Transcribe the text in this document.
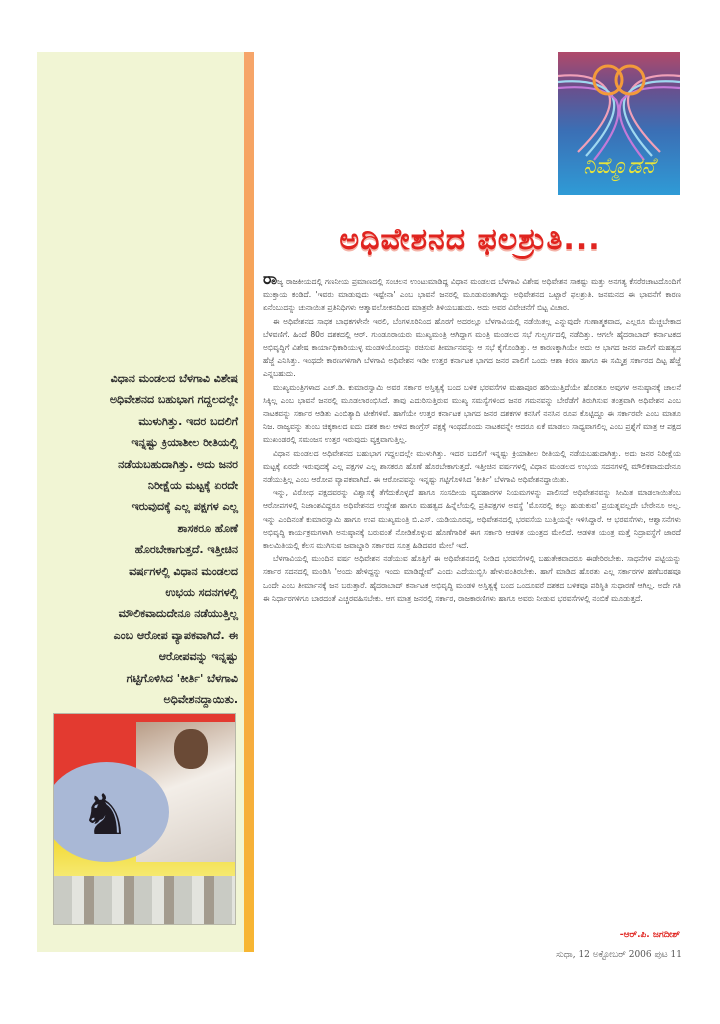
ವಿಧಾನ ಮಂಡಲದ ಬೆಳಗಾವಿ ವಿಶೇಷ
ಅಧಿವೇಶನದ ಬಹುಭಾಗ ಗದ್ದಲದಲ್ಲೇ
ಮುಳುಗಿತ್ತು. ಇದರ ಬದಲಿಗೆ
ಇನ್ನಷ್ಟು ಕ್ರಿಯಾಶೀಲ ರೀತಿಯಲ್ಲಿ
ನಡೆಯಬಹುದಾಗಿತ್ತು. ಅದು ಜನರ
ನಿರೀಕ್ಷೆಯ ಮಟ್ಟಕ್ಕೆ ಏರದೇ
ಇರುವುದಕ್ಕೆ ಎಲ್ಲ ಪಕ್ಷಗಳ ಎಲ್ಲ
ಶಾಸಕರೂ ಹೊಣೆ
ಹೊರಬೇಕಾಗುತ್ತದೆ. ಇತ್ತೀಚಿನ
ವರ್ಷಗಳಲ್ಲಿ ವಿಧಾನ ಮಂಡಲದ
ಉಭಯ ಸದನಗಳಲ್ಲಿ
ಮೌಲಿಕವಾದುದೇನೂ ನಡೆಯುತ್ತಿಲ್ಲ
ಎಂಬ ಆರೋಪ ವ್ಯಾಪಕವಾಗಿದೆ. ಈ
ಆರೋಪವನ್ನು ಇನ್ನಷ್ಟು
ಗಟ್ಟಿಗೊಳಿಸಿದ 'ಕೀರ್ತಿ' ಬೆಳಗಾವಿ
ಅಧಿವೇಶನದ್ದಾಯಿತು.
♞
ನಿಮ್ಮೊಡನೆ
ಅಧಿವೇಶನದ ಫಲಶ್ರುತಿ...

ರಾಜ್ಯ ರಾಜಕೀಯದಲ್ಲಿ ಗಣನೀಯ ಪ್ರಮಾಣದಲ್ಲಿ ಸಂಚಲನ ಉಂಟುಮಾಡಿದ್ದ ವಿಧಾನ ಮಂಡಲದ ಬೆಳಗಾವಿ ವಿಶೇಷ ಅಧಿವೇಶನ ಸಾಕಷ್ಟು ಮತ್ತು ಅನಗತ್ಯ ಕೆಸರೆರಚಾಟದೊಂದಿಗೆ ಮುಕ್ತಾಯ ಕಂಡಿದೆ. 'ಇವರು ಮಾಡುವುದು ಇಷ್ಟೇನಾ' ಎಂಬ ಭಾವನೆ ಜನರಲ್ಲಿ ಮೂಡುವಂತಾಗಿದ್ದು ಅಧಿವೇಶನದ ಒಟ್ಟಾರೆ ಫಲಶ್ರುತಿ. ಜನಮನದ ಈ ಭಾವನೆಗೆ ಕಾರಣ ಏನೆಂಬುದನ್ನು ಚುನಾಯಿತ ಪ್ರತಿನಿಧಿಗಳು ಆತ್ಮಾವಲೋಕನದಿಂದ ಮಾತ್ರವೇ ತಿಳಿಯಬಹುದು. ಅದು ಅವರ ವಿವೇಚನೆಗೆ ಬಿಟ್ಟ ವಿಚಾರ.

ಈ ಅಧಿವೇಶನದ ಸಾಧಕ ಬಾಧಕಗಳೇನೇ ಇರಲಿ, ಬೆಂಗಳೂರಿನಿಂದ ಹೊರಗೆ ಅದರಲ್ಲೂ ಬೆಳಗಾವಿಯಲ್ಲಿ ನಡೆಯಿತಲ್ಲ ಎನ್ನುವುದೇ ಗುಣಾತ್ಮಕವಾದ, ಎಲ್ಲರೂ ಮೆಚ್ಚಬೇಕಾದ ಬೆಳವಣಿಗೆ. ಹಿಂದೆ 80ರ ದಶಕದಲ್ಲಿ ಆರ್. ಗುಂಡೂರಾಯರು ಮುಖ್ಯಮಂತ್ರಿ ಆಗಿದ್ದಾಗ ಮಂತ್ರಿ ಮಂಡಲದ ಸಭೆ ಗುಲ್ಬರ್ಗದಲ್ಲಿ ನಡೆದಿತ್ತು. ಆಗಲೇ ಹೈದರಾಬಾದ್ ಕರ್ನಾಟಕದ ಅಭಿವೃದ್ಧಿಗೆ ವಿಶೇಷ ಕಾರ್ಯಾಧಿಕಾರಿಯುಳ್ಳ ಮಂಡಳಿಯೊಂದನ್ನು ರಚಿಸುವ ತೀರ್ಮಾನವನ್ನು ಆ ಸಭೆ ಕೈಗೊಂಡಿತ್ತು. ಆ ಕಾರಣಕ್ಕಾಗಿಯೇ ಅದು ಆ ಭಾಗದ ಜನರ ಪಾಲಿಗೆ ಮಹತ್ವದ ಹೆಜ್ಜೆ ಎನಿಸಿತ್ತು. ಇಂಥದೇ ಕಾರಣಗಳಿಗಾಗಿ ಬೆಳಗಾವಿ ಅಧಿವೇಶನ ಇಡೀ ಉತ್ತರ ಕರ್ನಾಟಕ ಭಾಗದ ಜನರ ಪಾಲಿಗೆ ಒಂದು ಆಶಾ ಕಿರಣ ಹಾಗೂ ಈ ಸಮ್ಮಿಶ್ರ ಸರ್ಕಾರದ ದಿಟ್ಟ ಹೆಜ್ಜೆ ಎನ್ನಬಹುದು.

ಮುಖ್ಯಮಂತ್ರಿಗಳಾದ ಎಚ್.ಡಿ. ಕುಮಾರಸ್ವಾಮಿ ಅವರ ಸರ್ಕಾರ ಅಸ್ತಿತ್ವಕ್ಕೆ ಬಂದ ಬಳಿಕ ಭರವಸೆಗಳ ಮಹಾಪೂರ ಹರಿಯುತ್ತಿದೆಯೇ ಹೊರತೂ ಅವುಗಳ ಅನುಷ್ಠಾನಕ್ಕೆ ಚಾಲನೆ ಸಿಕ್ಕಿಲ್ಲ ಎಂಬ ಭಾವನೆ ಜನರಲ್ಲಿ ಮೂಡಲಾರಂಭಿಸಿದೆ. ತಾವು ಎದುರಿಸುತ್ತಿರುವ ಮುಖ್ಯ ಸಮಸ್ಯೆಗಳಿಂದ ಜನರ ಗಮನವನ್ನು ಬೇರೆಡೆಗೆ ತಿರುಗಿಸುವ ತಂತ್ರವಾಗಿ ಅಧಿವೇಶನ ಎಂಬ ನಾಟಕವನ್ನು ಸರ್ಕಾರ ಆಡಿತು ಎಂಬಿತ್ಯಾದಿ ಟೀಕೆಗಳಿವೆ. ಹಾಗೆಯೇ ಉತ್ತರ ಕರ್ನಾಟಕ ಭಾಗದ ಜನರ ದಶಕಗಳ ಕನಸಿಗೆ ನನಸಿನ ರೂಪ ಕೊಟ್ಟಿದ್ದೂ ಈ ಸರ್ಕಾರವೇ ಎಂಬ ಮಾತೂ ನಿಜ. ರಾಜ್ಯವನ್ನು ತುಂಬ ಚಿಕ್ಕಕಾಲದ ಐದು ದಶಕ ಕಾಲ ಆಳಿದ ಕಾಂಗ್ರೆಸ್ ಪಕ್ಷಕ್ಕೆ ಇಂಥದೊಂದು ನಾಟಕವನ್ನೇ ಆದರೂ ಏಕೆ ಮಾಡಲು ಸಾಧ್ಯವಾಗಲಿಲ್ಲ ಎಂಬ ಪ್ರಶ್ನೆಗೆ ಮಾತ್ರ ಆ ಪಕ್ಷದ ಮುಖಂಡರಲ್ಲಿ ಸಮಂಜಸ ಉತ್ತರ ಇರುವುದು ವ್ಯಕ್ತವಾಗುತ್ತಿಲ್ಲ.

ವಿಧಾನ ಮಂಡಲದ ಅಧಿವೇಶನದ ಬಹುಭಾಗ ಗದ್ದಲದಲ್ಲೇ ಮುಳುಗಿತ್ತು. ಇದರ ಬದಲಿಗೆ ಇನ್ನಷ್ಟು ಕ್ರಿಯಾಶೀಲ ರೀತಿಯಲ್ಲಿ ನಡೆಯಬಹುದಾಗಿತ್ತು. ಅದು ಜನರ ನಿರೀಕ್ಷೆಯ ಮಟ್ಟಕ್ಕೆ ಏರದೇ ಇರುವುದಕ್ಕೆ ಎಲ್ಲ ಪಕ್ಷಗಳ ಎಲ್ಲ ಶಾಸಕರೂ ಹೊಣೆ ಹೊರಬೇಕಾಗುತ್ತದೆ. ಇತ್ತೀಚಿನ ವರ್ಷಗಳಲ್ಲಿ ವಿಧಾನ ಮಂಡಲದ ಉಭಯ ಸದನಗಳಲ್ಲಿ ಮೌಲಿಕವಾದುದೇನೂ ನಡೆಯುತ್ತಿಲ್ಲ ಎಂಬ ಆರೋಪ ವ್ಯಾಪಕವಾಗಿದೆ. ಈ ಆರೋಪವನ್ನು ಇನ್ನಷ್ಟು ಗಟ್ಟಿಗೊಳಿಸಿದ 'ಕೀರ್ತಿ' ಬೆಳಗಾವಿ ಅಧಿವೇಶನದ್ದಾಯಿತು.

ಇನ್ನು, ವಿರೋಧ ಪಕ್ಷದವರನ್ನು ವಿಶ್ವಾಸಕ್ಕೆ ತೆಗೆದುಕೊಳ್ಳದೆ ಹಾಗೂ ಸಂಸದೀಯ ವ್ಯವಹಾರಗಳ ನಿಯಮಗಳನ್ನು ಪಾಲಿಸದೆ ಅಧಿವೇಶನವನ್ನು ಸೀಮಿತ ಮಾಡಲಾಯಿತೆಂಬ ಆರೋಪಗಳಲ್ಲಿ ನಿಜಾಂಶವಿದ್ದರೂ ಅಧಿವೇಶನದ ಉದ್ದೇಶ ಹಾಗೂ ಮಹತ್ವದ ಹಿನ್ನೆಲೆಯಲ್ಲಿ ಪ್ರತಿಪಕ್ಷಗಳ ಅವಸ್ಥೆ 'ಮೊಸರಲ್ಲಿ ಕಲ್ಲು ಹುಡುಕುವ' ಪ್ರಯತ್ನವಲ್ಲದೇ ಬೇರೇನೂ ಅಲ್ಲ. ಇನ್ನು ಎಂದಿನಂತೆ ಕುಮಾರಸ್ವಾಮಿ ಹಾಗೂ ಉಪ ಮುಖ್ಯಮಂತ್ರಿ ಬಿ.ಎಸ್. ಯಡಿಯೂರಪ್ಪ, ಅಧಿವೇಶನದಲ್ಲಿ ಭರವಸೆಯ ಬುತ್ತಿಯನ್ನೇ ಇಳಿಸಿದ್ದಾರೆ. ಆ ಭರವಸೆಗಳು, ಆಶ್ವಾಸನೆಗಳು ಅಭಿವೃದ್ಧಿ ಕಾರ್ಯಕ್ರಮಗಳಾಗಿ ಅನುಷ್ಠಾನಕ್ಕೆ ಬರುವಂತೆ ನೋಡಿಕೊಳ್ಳುವ ಹೊಣೆಗಾರಿಕೆ ಈಗ ಸರ್ಕಾರಿ ಆಡಳಿತ ಯಂತ್ರದ ಮೇಲಿದೆ. ಆಡಳಿತ ಯಂತ್ರ ಮತ್ತೆ ನಿದ್ರಾವಸ್ಥೆಗೆ ಜಾರದೆ ಕಾಲಮಿತಿಯಲ್ಲಿ ಕೆಲಸ ಮುಗಿಸುವ ಜವಾಬ್ದಾರಿ ಸರ್ಕಾರದ ಸೂತ್ರ ಹಿಡಿದವರ ಮೇಲೆ ಇದೆ.

ಬೆಳಗಾವಿಯಲ್ಲಿ ಮುಂದಿನ ವರ್ಷ ಅಧಿವೇಶನ ನಡೆಯುವ ಹೊತ್ತಿಗೆ ಈ ಅಧಿವೇಶನದಲ್ಲಿ ನೀಡಿದ ಭರವಸೆಗಳಲ್ಲಿ ಬಹುತೇಕವಾದರೂ ಈಡೇರಿರಬೇಕು. ಸಾಧನೆಗಳ ಪಟ್ಟಿಯನ್ನು ಸರ್ಕಾರ ಸದನದಲ್ಲಿ ಮಂಡಿಸಿ 'ಅಂದು ಹೇಳಿದ್ದನ್ನು ಇಂದು ಮಾಡಿದ್ದೇವೆ' ಎಂದು ಎದೆಯುಬ್ಬಿಸಿ ಹೇಳುವಂತಿರಬೇಕು. ಹಾಗೆ ಮಾಡಿದ ಹೊರತು ಎಲ್ಲ ಸರ್ಕಾರಗಳ ಹಣೆಬರಹವೂ ಒಂದೇ ಎಂಬ ತೀರ್ಮಾನಕ್ಕೆ ಜನ ಬರುತ್ತಾರೆ. ಹೈದರಾಬಾದ್ ಕರ್ನಾಟಕ ಅಭಿವೃದ್ಧಿ ಮಂಡಳಿ ಅಸ್ತಿತ್ವಕ್ಕೆ ಬಂದ ಒಂದೂವರೆ ದಶಕದ ಬಳಿಕವೂ ಪರಿಸ್ಥಿತಿ ಸುಧಾರಣೆ ಆಗಿಲ್ಲ. ಅದೇ ಗತಿ ಈ ನಿರ್ಧಾರಗಳಿಗೂ ಬಾರದಂತೆ ಎಚ್ಚರವಹಿಸಬೇಕು. ಆಗ ಮಾತ್ರ ಜನರಲ್ಲಿ ಸರ್ಕಾರ, ರಾಜಕಾರಣಿಗಳು ಹಾಗೂ ಅವರು ನೀಡುವ ಭರವಸೆಗಳಲ್ಲಿ ನಂಬಿಕೆ ಮೂಡುತ್ತದೆ.

-ಆರ್.ಪಿ. ಜಗದೀಶ್
ಸುಧಾ, 12 ಅಕ್ಟೋಬರ್ 2006 ಪುಟ 11
